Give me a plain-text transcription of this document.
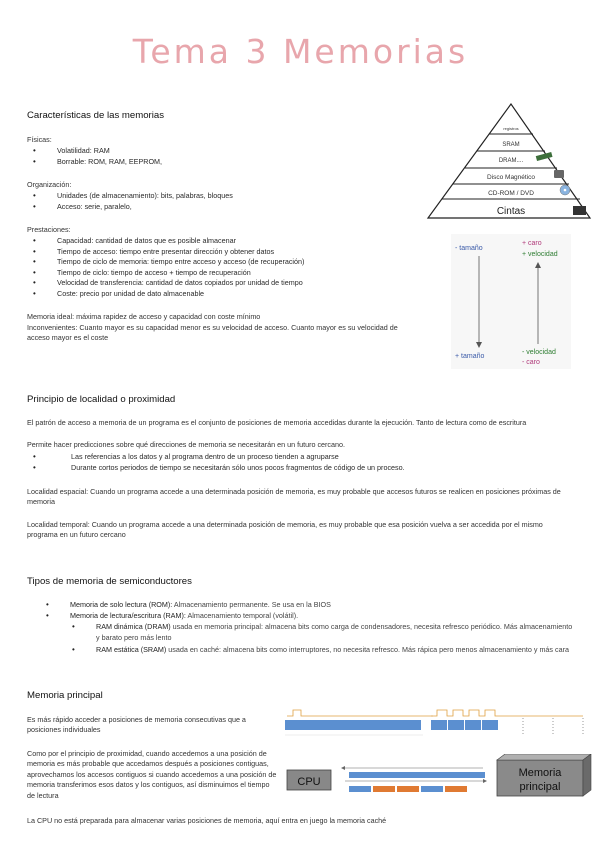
Tema 3 Memorias
Características de las memorias
Físicas:
• Volatilidad: RAM
• Borrable: ROM, RAM, EEPROM,
Organización:
• Unidades (de almacenamiento): bits, palabras, bloques
• Acceso: serie, paralelo,
Prestaciones:
• Capacidad: cantidad de datos que es posible almacenar
• Tiempo de acceso: tiempo entre presentar dirección y obtener datos
• Tiempo de ciclo de memoria: tiempo entre acceso y acceso (de recuperación)
• Tiempo de ciclo: tiempo de acceso + tiempo de recuperación
• Velocidad de transferencia: cantidad de datos copiados por unidad de tiempo
• Coste: precio por unidad de dato almacenable
Memoria ideal: máxima rapidez de acceso y capacidad con coste mínimo
Inconvenientes: Cuanto mayor es su capacidad menor es su velocidad de acceso. Cuanto mayor es su velocidad de acceso mayor es el coste
registros
SRAM
DRAM....
Disco Magnético
CD-ROM / DVD
Cintas
- tamaño
+ tamaño
+ caro
+ velocidad
- velocidad
- caro
Principio de localidad o proximidad
El patrón de acceso a memoria de un programa es el conjunto de posiciones de memoria accedidas durante la ejecución. Tanto de lectura como de escritura
Permite hacer predicciones sobre qué direcciones de memoria se necesitarán en un futuro cercano.
• Las referencias a los datos y al programa dentro de un proceso tienden a agruparse
• Durante cortos periodos de tiempo se necesitarán sólo unos pocos fragmentos de código de un proceso.
Localidad espacial: Cuando un programa accede a una determinada posición de memoria, es muy probable que accesos futuros se realicen en posiciones próximas de memoria
Localidad temporal: Cuando un programa accede a una determinada posición de memoria, es muy probable que esa posición vuelva a ser accedida por el mismo programa en un futuro cercano
Tipos de memoria de semiconductores
• Memoria de solo lectura (ROM): Almacenamiento permanente. Se usa en la BIOS
• Memoria de lectura/escritura (RAM): Almacenamiento temporal (volátil).
• RAM dinámica (DRAM) usada en memoria principal: almacena bits como carga de condensadores, necesita refresco periódico. Más almacenamiento y barato pero más lento
• RAM estática (SRAM) usada en caché: almacena bits como interruptores, no necesita refresco. Más rápica pero menos almacenamiento y más cara
Memoria principal
Es más rápido acceder a posiciones de memoria consecutivas que a posiciones individuales
Como por el principio de proximidad, cuando accedemos a una posición de memoria es más probable que accedamos después a posiciones contiguas, aprovechamos los accesos contiguos si cuando accedemos a una posición de memoria transferimos esos datos y los contiguos, así disminuimos el tiempo de lectura
La CPU no está preparada para almacenar varias posiciones de memoria, aquí entra en juego la memoria caché
CPU
Memoria
principal
